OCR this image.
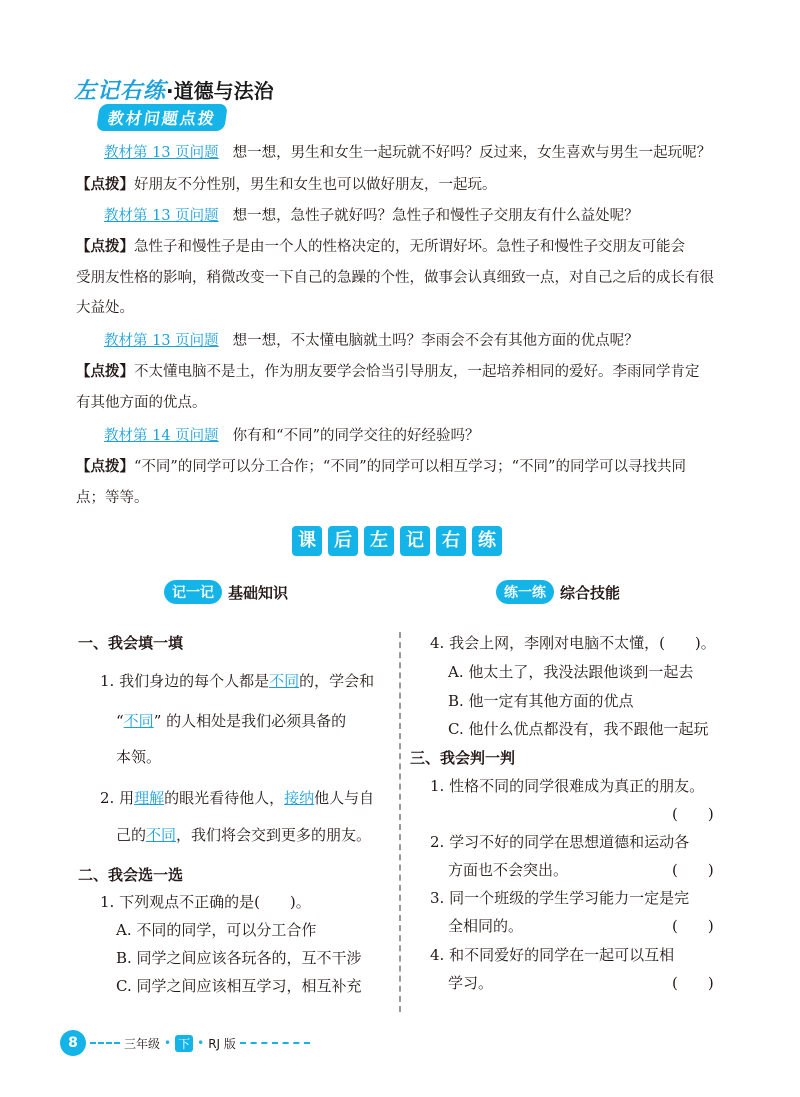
左记右练·道德与法治
教材问题点拨
教材第 13 页问题 想一想，男生和女生一起玩就不好吗？反过来，女生喜欢与男生一起玩呢？
【点拨】好朋友不分性别，男生和女生也可以做好朋友，一起玩。
教材第 13 页问题 想一想，急性子就好吗？急性子和慢性子交朋友有什么益处呢？
【点拨】急性子和慢性子是由一个人的性格决定的，无所谓好坏。急性子和慢性子交朋友可能会
受朋友性格的影响，稍微改变一下自己的急躁的个性，做事会认真细致一点，对自己之后的成长有很
大益处。
教材第 13 页问题 想一想，不太懂电脑就土吗？李雨会不会有其他方面的优点呢？
【点拨】不太懂电脑不是土，作为朋友要学会恰当引导朋友，一起培养相同的爱好。李雨同学肯定
有其他方面的优点。
教材第 14 页问题 你有和“不同”的同学交往的好经验吗？
【点拨】“不同”的同学可以分工合作；“不同”的同学可以相互学习；“不同”的同学可以寻找共同
点；等等。
课	后	左	记	右	练
记一记 基础知识
一、我会填一填
1. 我们身边的每个人都是不同的，学会和
“不同” 的人相处是我们必须具备的
本领。
2. 用理解的眼光看待他人，接纳他人与自
己的不同，我们将会交到更多的朋友。
二、我会选一选
1. 下列观点不正确的是(　　)。
A. 不同的同学，可以分工合作
B. 同学之间应该各玩各的，互不干涉
C. 同学之间应该相互学习，相互补充
练一练 综合技能
4. 我会上网，李刚对电脑不太懂，(　　)。
A. 他太土了，我没法跟他谈到一起去
B. 他一定有其他方面的优点
C. 他什么优点都没有，我不跟他一起玩
三、我会判一判
1. 性格不同的同学很难成为真正的朋友。
(　　)
2. 学习不好的同学在思想道德和运动各
方面也不会突出。	(　　)
3. 同一个班级的学生学习能力一定是完
全相同的。	(　　)
4. 和不同爱好的同学在一起可以互相
学习。	(　　)
8	三年级 • 下 • RJ 版
